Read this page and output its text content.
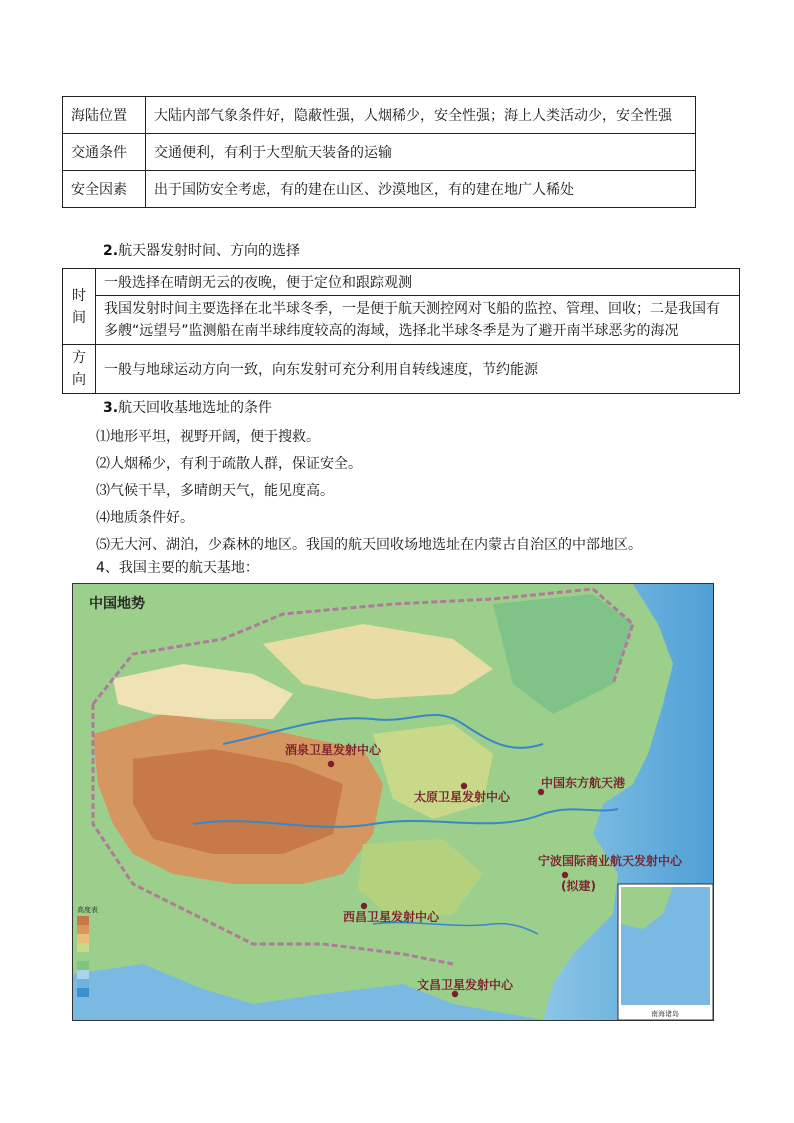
海陆位置	大陆内部气象条件好，隐蔽性强，人烟稀少，安全性强；海上人类活动少，安全性强
交通条件	交通便利，有利于大型航天装备的运输
安全因素	出于国防安全考虑，有的建在山区、沙漠地区，有的建在地广人稀处
2.航天器发射时间、方向的选择
时
间	一般选择在晴朗无云的夜晚，便于定位和跟踪观测
	我国发射时间主要选择在北半球冬季，一是便于航天测控网对飞船的监控、管理、回收；二是我国有多艘“远望号”监测船在南半球纬度较高的海域，选择北半球冬季是为了避开南半球恶劣的海况
方
向	一般与地球运动方向一致，向东发射可充分利用自转线速度，节约能源
3.航天回收基地选址的条件
⑴地形平坦，视野开阔，便于搜救。
⑵人烟稀少，有利于疏散人群，保证安全。
⑶气候干旱，多晴朗天气，能见度高。
⑷地质条件好。
⑸无大河、湖泊，少森林的地区。我国的航天回收场地选址在内蒙古自治区的中部地区。
4、我国主要的航天基地：
南海诸岛
高度表
中国地势
酒泉卫星发射中心
太原卫星发射中心
中国东方航天港
宁波国际商业航天发射中心
(拟建)
西昌卫星发射中心
文昌卫星发射中心
